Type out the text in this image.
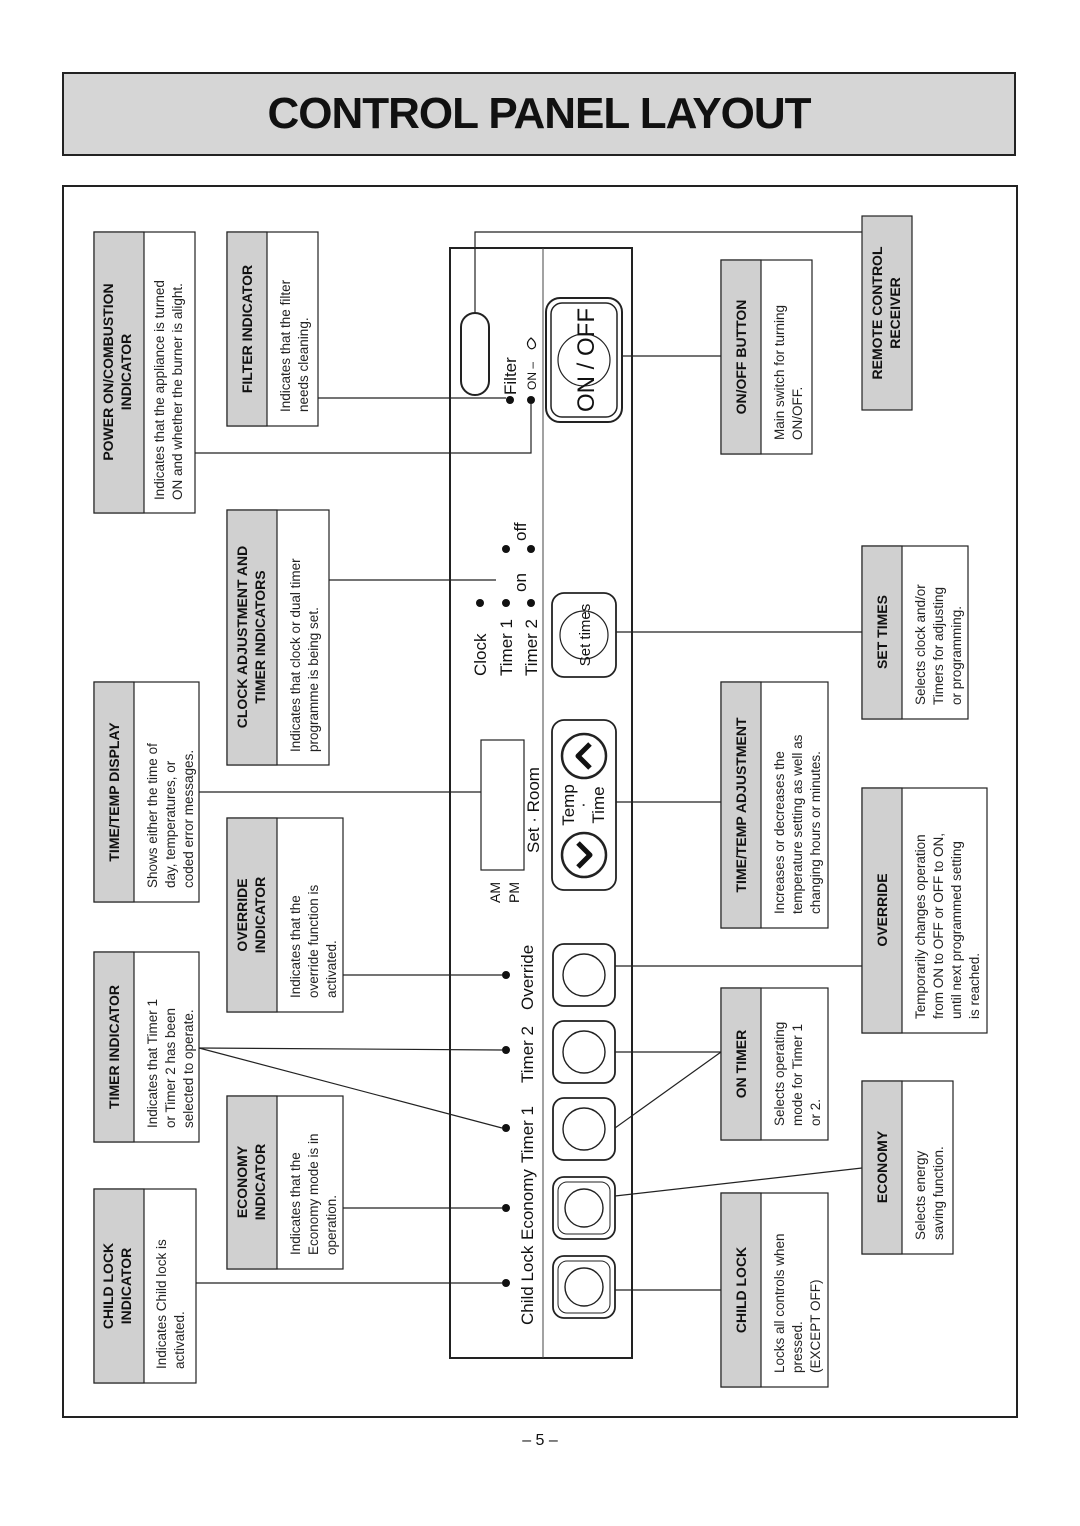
CONTROL PANEL LAYOUT
ON / OFF
Filter ON –
Clock Timer 1 Timer 2
on
off
Set times
Set · Room
AM PM
Temp
·
Time
Override
Timer 2
Timer 1
Economy
Child Lock
POWER ON/COMBUSTION INDICATOR Indicates that the appliance is turned ON and whether the burner is alight.	FILTER INDICATOR Indicates that the filter needs cleaning.
CLOCK ADJUSTMENT AND TIMER INDICATORS Indicates that clock or dual timer programme is being set.
TIME/TEMP DISPLAY Shows either the time of day, temperatures, or coded error messages.
OVERRIDE INDICATOR Indicates that the override function is activated.
TIMER INDICATOR Indicates that Timer 1 or Timer 2 has been selected to operate.
ECONOMY INDICATOR Indicates that the Economy mode is in operation.
CHILD LOCK INDICATOR Indicates Child lock is activated.
REMOTE CONTROL RECEIVER
ON/OFF BUTTON Main switch for turning ON/OFF.
SET TIMES Selects clock and/or Timers for adjusting or programming.
TIME/TEMP ADJUSTMENT Increases or decreases the temperature setting as well as changing hours or minutes.	OVERRIDE Temporarily changes operation from ON to OFF or OFF to ON, until next programmed setting is reached.
ON TIMER Selects operating mode for Timer 1 or 2.
ECONOMY Selects energy saving function.
CHILD LOCK Locks all controls when pressed. (EXCEPT OFF)
– 5 –
